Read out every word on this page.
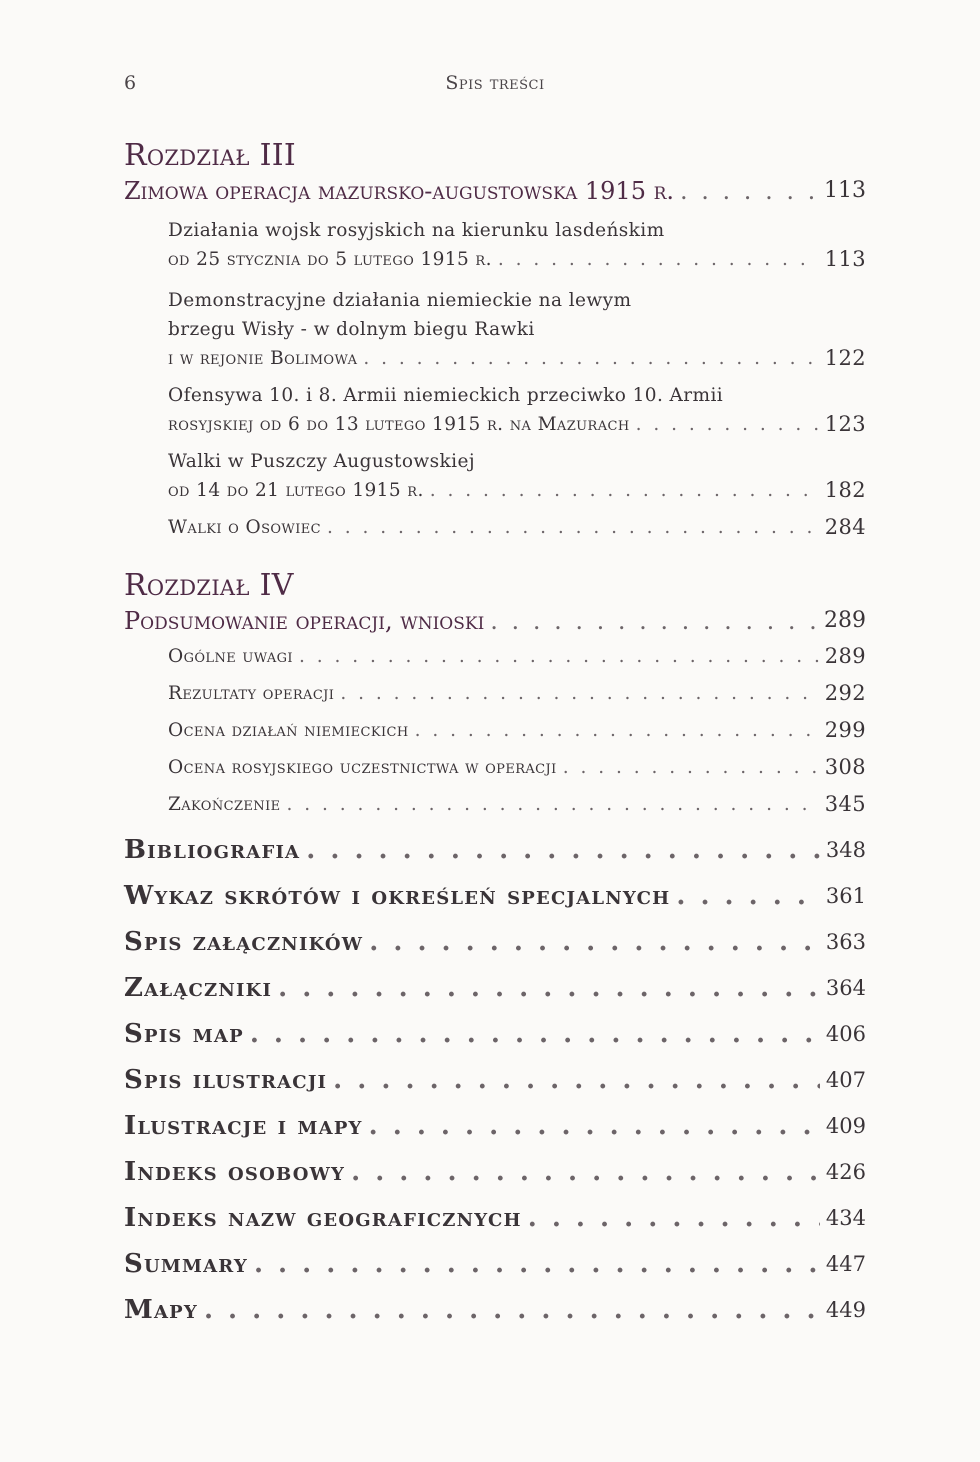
6	Spis treści
Rozdział III
Zimowa operacja mazursko-augustowska 1915 r. . . .	113
Działania wojsk rosyjskich na kierunku lasdeńskim
od 25 stycznia do 5 lutego 1915 r. . . .	113
Demonstracyjne działania niemieckie na lewym
brzegu Wisły - w dolnym biegu Rawki
i w rejonie Bolimowa . . .	122
Ofensywa 10. i 8. Armii niemieckich przeciwko 10. Armii
rosyjskiej od 6 do 13 lutego 1915 r. na Mazurach . . .	123
Walki w Puszczy Augustowskiej
od 14 do 21 lutego 1915 r. . . .	182
Walki o Osowiec . . .	284
Rozdział IV
Podsumowanie operacji, wnioski . . .	289
Ogólne uwagi . . .	289
Rezultaty operacji . . .	292
Ocena działań niemieckich . . .	299
Ocena rosyjskiego uczestnictwa w operacji . . .	308
Zakończenie . . .	345
Bibliografia . . .	348
Wykaz skrótów i określeń specjalnych . . .	361
Spis załączników . . .	363
Załączniki . . .	364
Spis map . . .	406
Spis ilustracji . . .	407
Ilustracje i mapy . . .	409
Indeks osobowy . . .	426
Indeks nazw geograficznych . . .	434
Summary . . .	447
Mapy . . .	449
